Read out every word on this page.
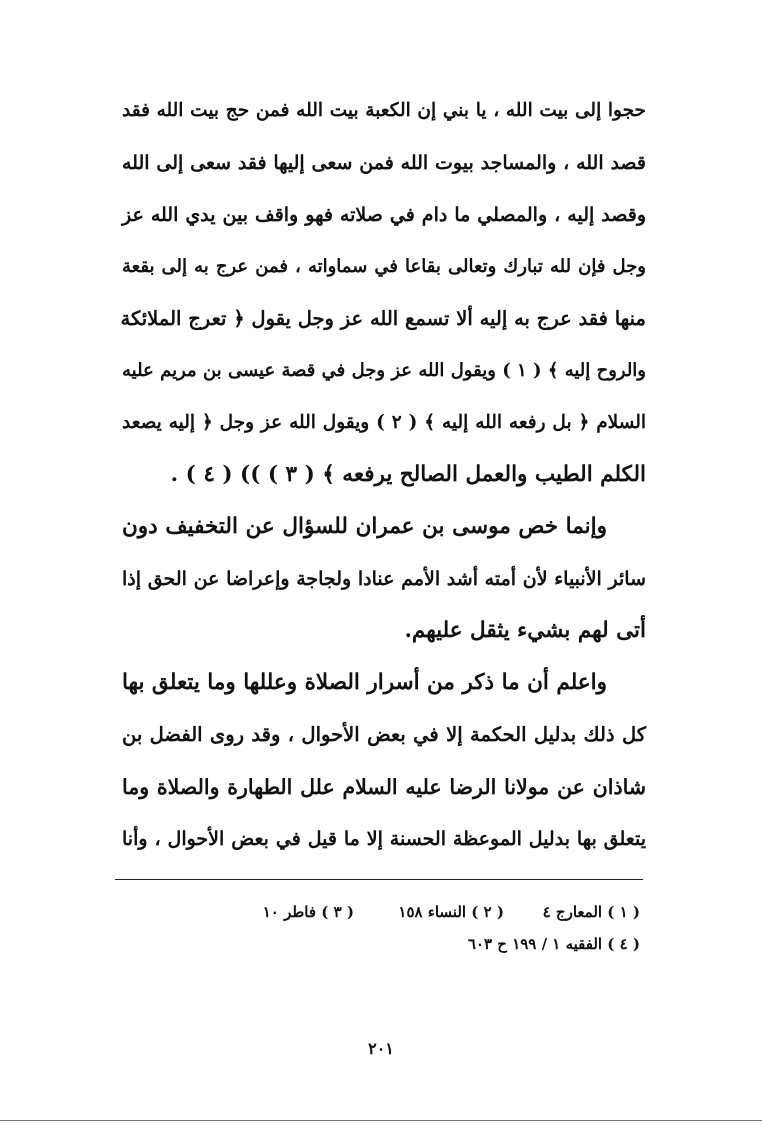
حجوا إلى بيت الله ، يا بني إن الكعبة بيت الله فمن حج بيت الله فقد
قصد الله ، والمساجد بيوت الله فمن سعى إليها فقد سعى إلى الله
وقصد إليه ، والمصلي ما دام في صلاته فهو واقف بين يدي الله عز
وجل فإن لله تبارك وتعالى بقاعا في سماواته ، فمن عرج به إلى بقعة
منها فقد عرج به إليه ألا تسمع الله عز وجل يقول ﴿ تعرج الملائكة
والروح إليه ﴾ ( ١ ) ويقول الله عز وجل في قصة عيسى بن مريم عليه
السلام ﴿ بل رفعه الله إليه ﴾ ( ٢ ) ويقول الله عز وجل ﴿ إليه يصعد
الكلم الطيب والعمل الصالح يرفعه ﴾ ( ٣ ) )) ( ٤ ) .
وإنما خص موسى بن عمران للسؤال عن التخفيف دون
سائر الأنبياء لأن أمته أشد الأمم عنادا ولجاجة وإعراضا عن الحق إذا
أتى لهم بشيء يثقل عليهم.
واعلم أن ما ذكر من أسرار الصلاة وعللها وما يتعلق بها
كل ذلك بدليل الحكمة إلا في بعض الأحوال ، وقد روى الفضل بن
شاذان عن مولانا الرضا عليه السلام علل الطهارة والصلاة وما
يتعلق بها بدليل الموعظة الحسنة إلا ما قيل في بعض الأحوال ، وأنا
( ١ ) المعارج ٤
( ٢ ) النساء ١٥٨
( ٣ ) فاطر ١٠
( ٤ ) الفقيه ١ / ١٩٩ ح ٦٠٣
٢٠١
